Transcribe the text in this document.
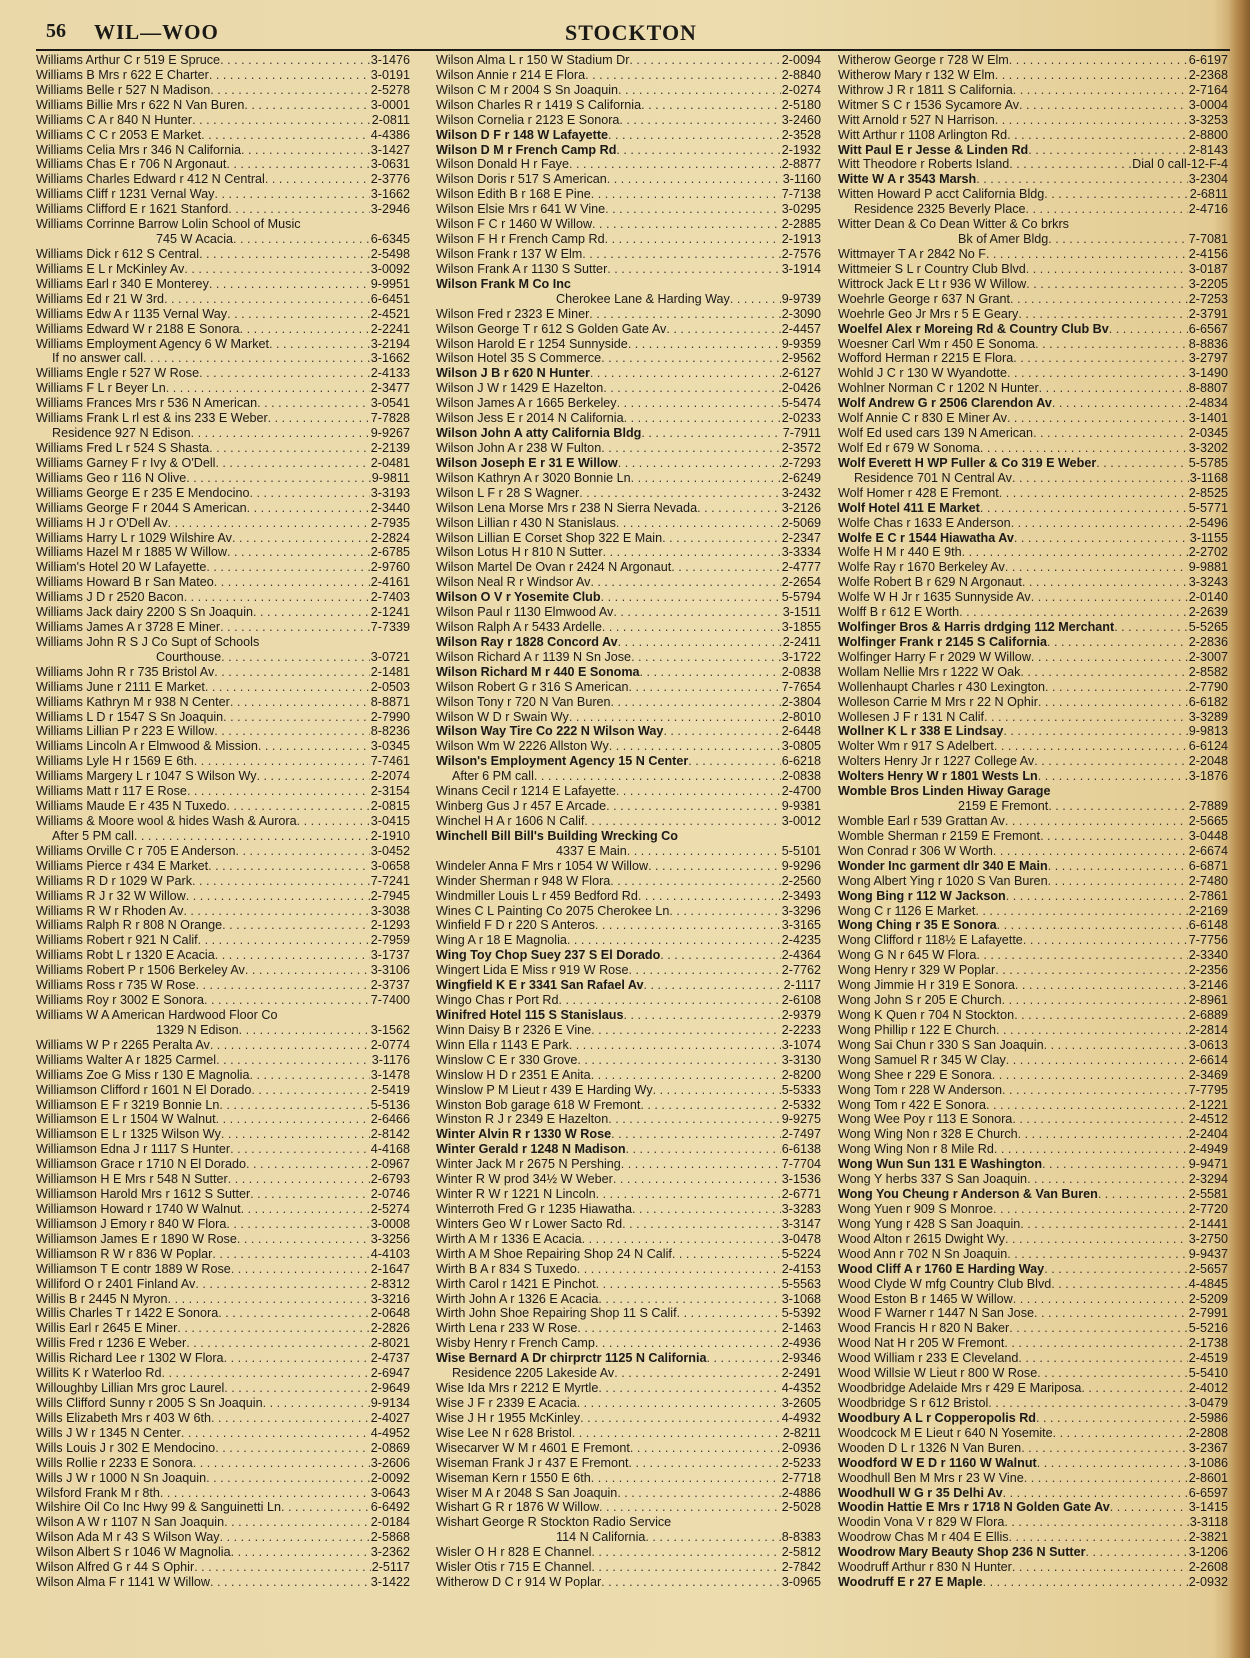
56 WIL—WOO	STOCKTON
Williams Arthur C r 519 E Spruce . . .	3-1476
Williams B Mrs r 622 E Charter . . .	3-0191
Williams Belle r 527 N Madison . . .	2-5278
Williams Billie Mrs r 622 N Van Buren . . .	3-0001
Williams C A r 840 N Hunter . . .	2-0811
Williams C C r 2053 E Market . . .	4-4386
Williams Celia Mrs r 346 N California . . .	3-1427
Williams Chas E r 706 N Argonaut . . .	3-0631
Williams Charles Edward r 412 N Central . . .	2-3776
Williams Cliff r 1231 Vernal Way . . .	3-1662
Williams Clifford E r 1621 Stanford . . .	3-2946
Williams Corrinne Barrow Lolin School of Music
745 W Acacia . . .	6-6345
Williams Dick r 612 S Central . . .	2-5498
Williams E L r McKinley Av . . .	3-0092
Williams Earl r 340 E Monterey . . .	9-9951
Williams Ed r 21 W 3rd . . .	6-6451
Williams Edw A r 1135 Vernal Way . . .	2-4521
Williams Edward W r 2188 E Sonora . . .	2-2241
Williams Employment Agency 6 W Market . . .	3-2194
If no answer call . . .	3-1662
Williams Engle r 527 W Rose . . .	2-4133
Williams F L r Beyer Ln . . .	2-3477
Williams Frances Mrs r 536 N American . . .	3-0541
Williams Frank L rl est & ins 233 E Weber . . .	7-7828
Residence 927 N Edison . . .	9-9267
Williams Fred L r 524 S Shasta . . .	2-2139
Williams Garney F r Ivy & O'Dell . . .	2-0481
Williams Geo r 116 N Olive . . .	9-9811
Williams George E r 235 E Mendocino . . .	3-3193
Williams George F r 2044 S American . . .	2-3440
Williams H J r O'Dell Av . . .	2-7935
Williams Harry L r 1029 Wilshire Av . . .	2-2824
Williams Hazel M r 1885 W Willow . . .	2-6785
William's Hotel 20 W Lafayette . . .	2-9760
Williams Howard B r San Mateo . . .	2-4161
Williams J D r 2520 Bacon . . .	2-7403
Williams Jack dairy 2200 S Sn Joaquin . . .	2-1241
Williams James A r 3728 E Miner . . .	7-7339
Williams John R S J Co Supt of Schools
Courthouse . . .	3-0721
Williams John R r 735 Bristol Av . . .	2-1481
Williams June r 2111 E Market . . .	2-0503
Williams Kathryn M r 938 N Center . . .	8-8871
Williams L D r 1547 S Sn Joaquin . . .	2-7990
Williams Lillian P r 223 E Willow . . .	8-8236
Williams Lincoln A r Elmwood & Mission . . .	3-0345
Williams Lyle H r 1569 E 6th . . .	7-7461
Williams Margery L r 1047 S Wilson Wy . . .	2-2074
Williams Matt r 117 E Rose . . .	2-3154
Williams Maude E r 435 N Tuxedo . . .	2-0815
Williams & Moore wool & hides Wash & Aurora . . .	3-0415
After 5 PM call . . .	2-1910
Williams Orville C r 705 E Anderson . . .	3-0452
Williams Pierce r 434 E Market . . .	3-0658
Williams R D r 1029 W Park . . .	7-7241
Williams R J r 32 W Willow . . .	2-7945
Williams R W r Rhoden Av . . .	3-3038
Williams Ralph R r 808 N Orange . . .	2-1293
Williams Robert r 921 N Calif . . .	2-7959
Williams Robt L r 1320 E Acacia . . .	3-1737
Williams Robert P r 1506 Berkeley Av . . .	3-3106
Williams Ross r 735 W Rose . . .	2-3737
Williams Roy r 3002 E Sonora . . .	7-7400
Williams W A American Hardwood Floor Co
1329 N Edison . . .	3-1562
Williams W P r 2265 Peralta Av . . .	2-0774
Williams Walter A r 1825 Carmel . . .	3-1176
Williams Zoe G Miss r 130 E Magnolia . . .	3-1478
Williamson Clifford r 1601 N El Dorado . . .	2-5419
Williamson E F r 3219 Bonnie Ln . . .	5-5136
Williamson E L r 1504 W Walnut . . .	2-6466
Williamson E L r 1325 Wilson Wy . . .	2-8142
Williamson Edna J r 1117 S Hunter . . .	4-4168
Williamson Grace r 1710 N El Dorado . . .	2-0967
Williamson H E Mrs r 548 N Sutter . . .	2-6793
Williamson Harold Mrs r 1612 S Sutter . . .	2-0746
Williamson Howard r 1740 W Walnut . . .	2-5274
Williamson J Emory r 840 W Flora . . .	3-0008
Williamson James E r 1890 W Rose . . .	3-3256
Williamson R W r 836 W Poplar . . .	4-4103
Williamson T E contr 1889 W Rose . . .	2-1647
Williford O r 2401 Finland Av . . .	2-8312
Willis B r 2445 N Myron . . .	3-3216
Willis Charles T r 1422 E Sonora . . .	2-0648
Willis Earl r 2645 E Miner . . .	2-2826
Willis Fred r 1236 E Weber . . .	2-8021
Willis Richard Lee r 1302 W Flora . . .	2-4737
Willits K r Waterloo Rd . . .	2-6947
Willoughby Lillian Mrs groc Laurel . . .	2-9649
Wills Clifford Sunny r 2005 S Sn Joaquin . . .	9-9134
Wills Elizabeth Mrs r 403 W 6th . . .	2-4027
Wills J W r 1345 N Center . . .	4-4952
Wills Louis J r 302 E Mendocino . . .	2-0869
Wills Rollie r 2233 E Sonora . . .	3-2606
Wills J W r 1000 N Sn Joaquin . . .	2-0092
Wilsford Frank M r 8th . . .	3-0643
Wilshire Oil Co Inc Hwy 99 & Sanguinetti Ln . . .	6-6492
Wilson A W r 1107 N San Joaquin . . .	2-0184
Wilson Ada M r 43 S Wilson Way . . .	2-5868
Wilson Albert S r 1046 W Magnolia . . .	3-2362
Wilson Alfred G r 44 S Ophir . . .	2-5117
Wilson Alma F r 1141 W Willow . . .	3-1422
Wilson Alma L r 150 W Stadium Dr . . .	2-0094
Wilson Annie r 214 E Flora . . .	2-8840
Wilson C M r 2004 S Sn Joaquin . . .	2-0274
Wilson Charles R r 1419 S California . . .	2-5180
Wilson Cornelia r 2123 E Sonora . . .	3-2460
Wilson D F r 148 W Lafayette . . .	2-3528
Wilson D M r French Camp Rd . . .	2-1932
Wilson Donald H r Faye . . .	2-8877
Wilson Doris r 517 S American . . .	3-1160
Wilson Edith B r 168 E Pine . . .	7-7138
Wilson Elsie Mrs r 641 W Vine . . .	3-0295
Wilson F C r 1460 W Willow . . .	2-2885
Wilson F H r French Camp Rd . . .	2-1913
Wilson Frank r 137 W Elm . . .	2-7576
Wilson Frank A r 1130 S Sutter . . .	3-1914
Wilson Frank M Co Inc
Cherokee Lane & Harding Way . . .	9-9739
Wilson Fred r 2323 E Miner . . .	2-3090
Wilson George T r 612 S Golden Gate Av . . .	2-4457
Wilson Harold E r 1254 Sunnyside . . .	9-9359
Wilson Hotel 35 S Commerce . . .	2-9562
Wilson J B r 620 N Hunter . . .	2-6127
Wilson J W r 1429 E Hazelton . . .	2-0426
Wilson James A r 1665 Berkeley . . .	5-5474
Wilson Jess E r 2014 N California . . .	2-0233
Wilson John A atty California Bldg . . .	7-7911
Wilson John A r 238 W Fulton . . .	2-3572
Wilson Joseph E r 31 E Willow . . .	2-7293
Wilson Kathryn A r 3020 Bonnie Ln . . .	2-6249
Wilson L F r 28 S Wagner . . .	3-2432
Wilson Lena Morse Mrs r 238 N Sierra Nevada . . .	3-2126
Wilson Lillian r 430 N Stanislaus . . .	2-5069
Wilson Lillian E Corset Shop 322 E Main . . .	2-2347
Wilson Lotus H r 810 N Sutter . . .	3-3334
Wilson Martel De Ovan r 2424 N Argonaut . . .	2-4777
Wilson Neal R r Windsor Av . . .	2-2654
Wilson O V r Yosemite Club . . .	5-5794
Wilson Paul r 1130 Elmwood Av . . .	3-1511
Wilson Ralph A r 5433 Ardelle . . .	3-1855
Wilson Ray r 1828 Concord Av . . .	2-2411
Wilson Richard A r 1139 N Sn Jose . . .	3-1722
Wilson Richard M r 440 E Sonoma . . .	2-0838
Wilson Robert G r 316 S American . . .	7-7654
Wilson Tony r 720 N Van Buren . . .	2-3804
Wilson W D r Swain Wy . . .	2-8010
Wilson Way Tire Co 222 N Wilson Way . . .	2-6448
Wilson Wm W 2226 Allston Wy . . .	3-0805
Wilson's Employment Agency 15 N Center . . .	6-6218
After 6 PM call . . .	2-0838
Winans Cecil r 1214 E Lafayette . . .	2-4700
Winberg Gus J r 457 E Arcade . . .	9-9381
Winchel H A r 1606 N Calif . . .	3-0012
Winchell Bill Bill's Building Wrecking Co
4337 E Main . . .	5-5101
Windeler Anna F Mrs r 1054 W Willow . . .	9-9296
Winder Sherman r 948 W Flora . . .	2-2560
Windmiller Louis L r 459 Bedford Rd . . .	2-3493
Wines C L Painting Co 2075 Cherokee Ln . . .	3-3296
Winfield F D r 220 S Anteros . . .	3-3165
Wing A r 18 E Magnolia . . .	2-4235
Wing Toy Chop Suey 237 S El Dorado . . .	2-4364
Wingert Lida E Miss r 919 W Rose . . .	2-7762
Wingfield K E r 3341 San Rafael Av . . .	2-1117
Wingo Chas r Port Rd . . .	2-6108
Winifred Hotel 115 S Stanislaus . . .	2-9379
Winn Daisy B r 2326 E Vine . . .	2-2233
Winn Ella r 1143 E Park . . .	3-1074
Winslow C E r 330 Grove . . .	3-3130
Winslow H D r 2351 E Anita . . .	2-8200
Winslow P M Lieut r 439 E Harding Wy . . .	5-5333
Winston Bob garage 618 W Fremont . . .	2-5332
Winston R J r 2349 E Hazelton . . .	9-9275
Winter Alvin R r 1330 W Rose . . .	2-7497
Winter Gerald r 1248 N Madison . . .	6-6138
Winter Jack M r 2675 N Pershing . . .	7-7704
Winter R W prod 34½ W Weber . . .	3-1536
Winter R W r 1221 N Lincoln . . .	2-6771
Winterroth Fred G r 1235 Hiawatha . . .	3-3283
Winters Geo W r Lower Sacto Rd . . .	3-3147
Wirth A M r 1336 E Acacia . . .	3-0478
Wirth A M Shoe Repairing Shop 24 N Calif . . .	5-5224
Wirth B A r 834 S Tuxedo . . .	2-4153
Wirth Carol r 1421 E Pinchot . . .	5-5563
Wirth John A r 1326 E Acacia . . .	3-1068
Wirth John Shoe Repairing Shop 11 S Calif . . .	5-5392
Wirth Lena r 233 W Rose . . .	2-1463
Wisby Henry r French Camp . . .	2-4936
Wise Bernard A Dr chirprctr 1125 N California . . .	2-9346
Residence 2205 Lakeside Av . . .	2-2491
Wise Ida Mrs r 2212 E Myrtle . . .	4-4352
Wise J F r 2339 E Acacia . . .	3-2605
Wise J H r 1955 McKinley . . .	4-4932
Wise Lee N r 628 Bristol . . .	2-8211
Wisecarver W M r 4601 E Fremont . . .	2-0936
Wiseman Frank J r 437 E Fremont . . .	2-5233
Wiseman Kern r 1550 E 6th . . .	2-7718
Wiser M A r 2048 S San Joaquin . . .	2-4886
Wishart G R r 1876 W Willow . . .	2-5028
Wishart George R Stockton Radio Service
114 N California . . .	8-8383
Wisler O H r 828 E Channel . . .	2-5812
Wisler Otis r 715 E Channel . . .	2-7842
Witherow D C r 914 W Poplar . . .	3-0965
Witherow George r 728 W Elm . . .	6-6197
Witherow Mary r 132 W Elm . . .	2-2368
Withrow J R r 1811 S California . . .	2-7164
Witmer S C r 1536 Sycamore Av . . .	3-0004
Witt Arnold r 527 N Harrison . . .	3-3253
Witt Arthur r 1108 Arlington Rd . . .	2-8800
Witt Paul E r Jesse & Linden Rd . . .	2-8143
Witt Theodore r Roberts Island . . .	Dial 0 call-12-F-4
Witte W A r 3543 Marsh . . .	3-2304
Witten Howard P acct California Bldg . . .	2-6811
Residence 2325 Beverly Place . . .	2-4716
Witter Dean & Co Dean Witter & Co brkrs
Bk of Amer Bldg . . .	7-7081
Wittmayer T A r 2842 No F . . .	2-4156
Wittmeier S L r Country Club Blvd . . .	3-0187
Wittrock Jack E Lt r 936 W Willow . . .	3-2205
Woehrle George r 637 N Grant . . .	2-7253
Woehrle Geo Jr Mrs r 5 E Geary . . .	2-3791
Woelfel Alex r Moreing Rd & Country Club Bv . . .	6-6567
Woesner Carl Wm r 450 E Sonoma . . .	8-8836
Wofford Herman r 2215 E Flora . . .	3-2797
Wohld J C r 130 W Wyandotte . . .	3-1490
Wohlner Norman C r 1202 N Hunter . . .	8-8807
Wolf Andrew G r 2506 Clarendon Av . . .	2-4834
Wolf Annie C r 830 E Miner Av . . .	3-1401
Wolf Ed used cars 139 N American . . .	2-0345
Wolf Ed r 679 W Sonoma . . .	3-3202
Wolf Everett H WP Fuller & Co 319 E Weber . . .	5-5785
Residence 701 N Central Av . . .	3-1168
Wolf Homer r 428 E Fremont . . .	2-8525
Wolf Hotel 411 E Market . . .	5-5771
Wolfe Chas r 1633 E Anderson . . .	2-5496
Wolfe E C r 1544 Hiawatha Av . . .	3-1155
Wolfe H M r 440 E 9th . . .	2-2702
Wolfe Ray r 1670 Berkeley Av . . .	9-9881
Wolfe Robert B r 629 N Argonaut . . .	3-3243
Wolfe W H Jr r 1635 Sunnyside Av . . .	2-0140
Wolff B r 612 E Worth . . .	2-2639
Wolfinger Bros & Harris drdging 112 Merchant . . .	5-5265
Wolfinger Frank r 2145 S California . . .	2-2836
Wolfinger Harry F r 2029 W Willow . . .	2-3007
Wollam Nellie Mrs r 1222 W Oak . . .	2-8582
Wollenhaupt Charles r 430 Lexington . . .	2-7790
Wolleson Carrie M Mrs r 22 N Ophir . . .	6-6182
Wollesen J F r 131 N Calif . . .	3-3289
Wollner K L r 338 E Lindsay . . .	9-9813
Wolter Wm r 917 S Adelbert . . .	6-6124
Wolters Henry Jr r 1227 College Av . . .	2-2048
Wolters Henry W r 1801 Wests Ln . . .	3-1876
Womble Bros Linden Hiway Garage
2159 E Fremont . . .	2-7889
Womble Earl r 539 Grattan Av . . .	2-5665
Womble Sherman r 2159 E Fremont . . .	3-0448
Won Conrad r 306 W Worth . . .	2-6674
Wonder Inc garment dlr 340 E Main . . .	6-6871
Wong Albert Ying r 1020 S Van Buren . . .	2-7480
Wong Bing r 112 W Jackson . . .	2-7861
Wong C r 1126 E Market . . .	2-2169
Wong Ching r 35 E Sonora . . .	6-6148
Wong Clifford r 118½ E Lafayette . . .	7-7756
Wong G N r 645 W Flora . . .	2-3340
Wong Henry r 329 W Poplar . . .	2-2356
Wong Jimmie H r 319 E Sonora . . .	3-2146
Wong John S r 205 E Church . . .	2-8961
Wong K Quen r 704 N Stockton . . .	2-6889
Wong Phillip r 122 E Church . . .	2-2814
Wong Sai Chun r 330 S San Joaquin . . .	3-0613
Wong Samuel R r 345 W Clay . . .	2-6614
Wong Shee r 229 E Sonora . . .	2-3469
Wong Tom r 228 W Anderson . . .	7-7795
Wong Tom r 422 E Sonora . . .	2-1221
Wong Wee Poy r 113 E Sonora . . .	2-4512
Wong Wing Non r 328 E Church . . .	2-2404
Wong Wing Non r 8 Mile Rd . . .	2-4949
Wong Wun Sun 131 E Washington . . .	9-9471
Wong Y herbs 337 S San Joaquin . . .	2-3294
Wong You Cheung r Anderson & Van Buren . . .	2-5581
Wong Yuen r 909 S Monroe . . .	2-7720
Wong Yung r 428 S San Joaquin . . .	2-1441
Wood Alton r 2615 Dwight Wy . . .	3-2750
Wood Ann r 702 N Sn Joaquin . . .	9-9437
Wood Cliff A r 1760 E Harding Way . . .	2-5657
Wood Clyde W mfg Country Club Blvd . . .	4-4845
Wood Eston B r 1465 W Willow . . .	2-5209
Wood F Warner r 1447 N San Jose . . .	2-7991
Wood Francis H r 820 N Baker . . .	5-5216
Wood Nat H r 205 W Fremont . . .	2-1738
Wood William r 233 E Cleveland . . .	2-4519
Wood Willsie W Lieut r 800 W Rose . . .	5-5410
Woodbridge Adelaide Mrs r 429 E Mariposa . . .	2-4012
Woodbridge S r 612 Bristol . . .	3-0479
Woodbury A L r Copperopolis Rd . . .	2-5986
Woodcock M E Lieut r 640 N Yosemite . . .	2-2808
Wooden D L r 1326 N Van Buren . . .	3-2367
Woodford W E D r 1160 W Walnut . . .	3-1086
Woodhull Ben M Mrs r 23 W Vine . . .	2-8601
Woodhull W G r 35 Delhi Av . . .	6-6597
Woodin Hattie E Mrs r 1718 N Golden Gate Av . . .	3-1415
Woodin Vona V r 829 W Flora . . .	3-3118
Woodrow Chas M r 404 E Ellis . . .	2-3821
Woodrow Mary Beauty Shop 236 N Sutter . . .	3-1206
Woodruff Arthur r 830 N Hunter . . .	2-2608
Woodruff E r 27 E Maple . . .	2-0932
